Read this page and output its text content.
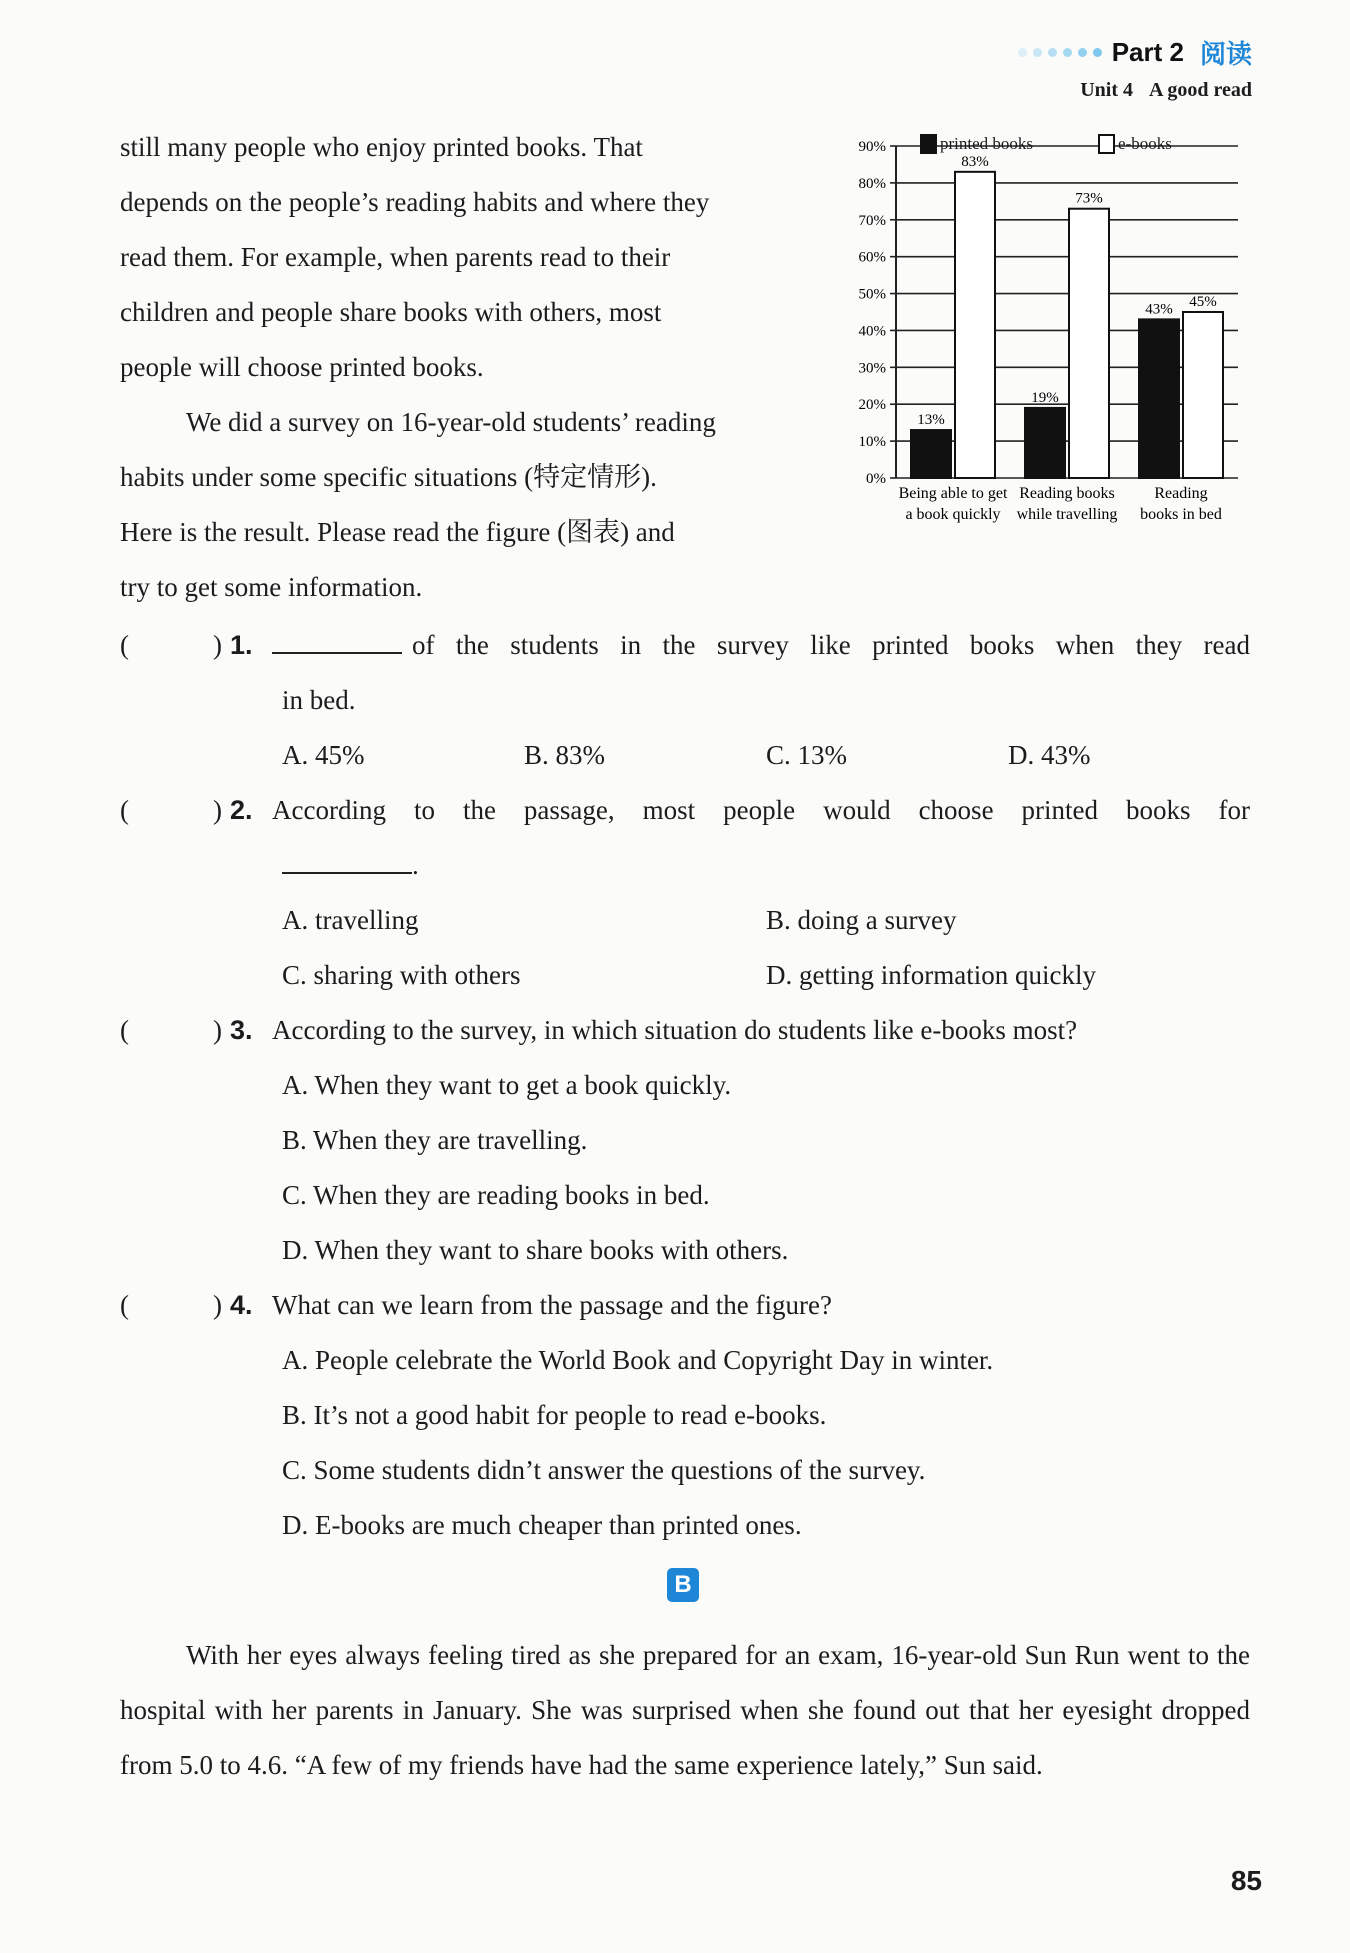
Part 2 阅读
Unit 4 A good read

still many people who enjoy printed books. That

depends on the people’s reading habits and where they

read them. For example, when parents read to their

children and people share books with others, most

people will choose printed books.

We did a survey on 16-year-old students’ reading

habits under some specific situations (特定情形).

Here is the result. Please read the figure (图表) and

try to get some information.

printed books	e-books
0%
10%
20%
30%
40%
50%
60%
70%
80%
90%
13%
83%
Being able to get
a book quickly
19%
73%
Reading books
while travelling
43% 45%
Reading
books in bed
(	) 1.	of the students in the survey like printed books when they read
in bed.
A. 45%	B. 83%	C. 13%	D. 43%
(	) 2. According to the passage, most people would choose printed books for
.
A. travelling	B. doing a survey
C. sharing with others	D. getting information quickly
(	) 3. According to the survey, in which situation do students like e-books most?
A. When they want to get a book quickly.
B. When they are travelling.
C. When they are reading books in bed.
D. When they want to share books with others.
(	) 4. What can we learn from the passage and the figure?
A. People celebrate the World Book and Copyright Day in winter.
B. It’s not a good habit for people to read e-books.
C. Some students didn’t answer the questions of the survey.
D. E-books are much cheaper than printed ones.
B

With her eyes always feeling tired as she prepared for an exam, 16-year-old Sun Run went to the hospital with her parents in January. She was surprised when she found out that her eyesight dropped from 5.0 to 4.6. “A few of my friends have had the same experience lately,” Sun said.

85
